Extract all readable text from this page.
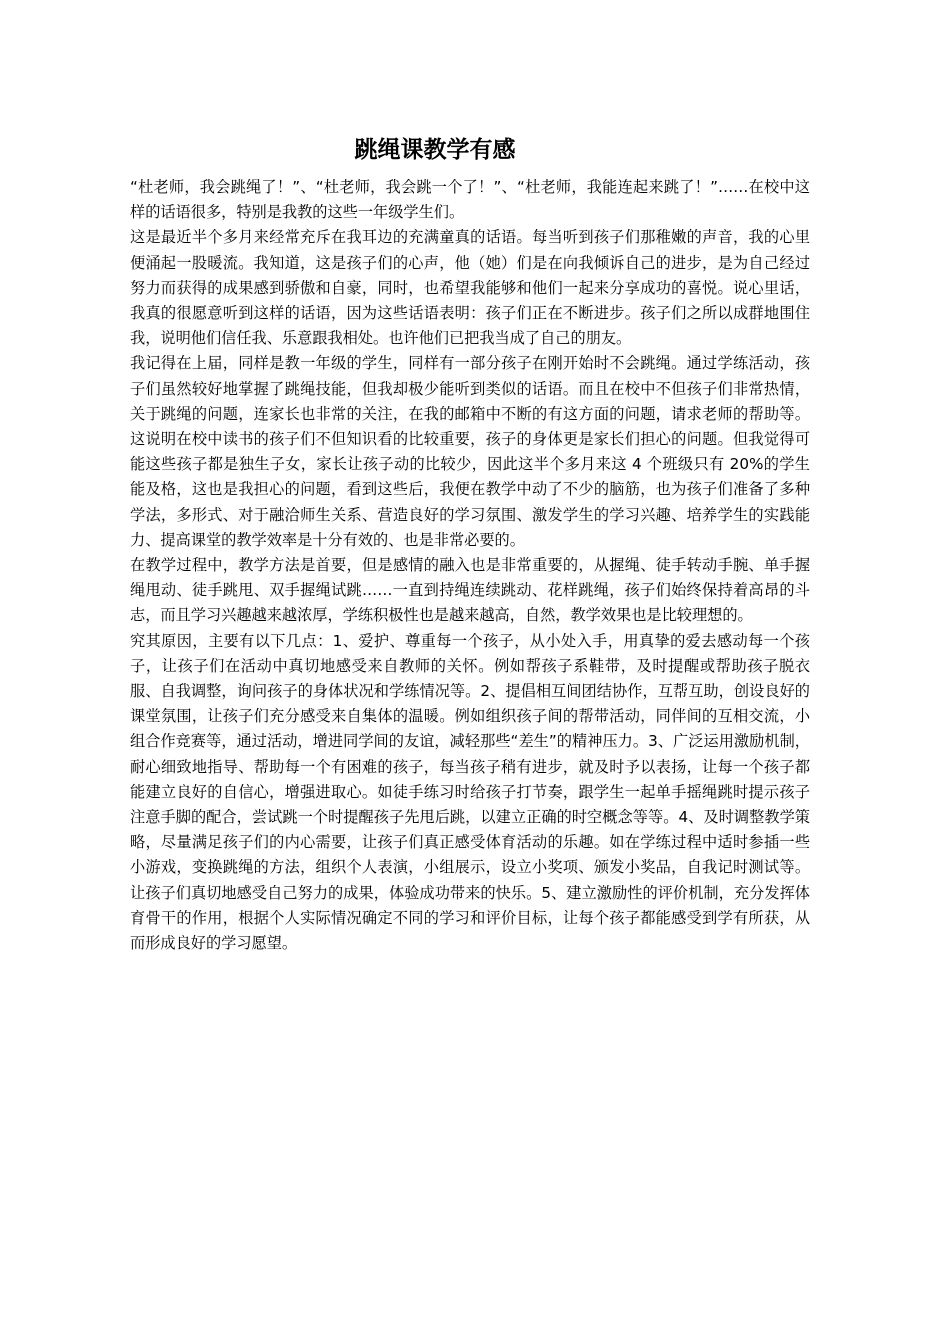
跳绳课教学有感

“杜老师，我会跳绳了！”、“杜老师，我会跳一个了！”、“杜老师，我能连起来跳了！”……在校中这样的话语很多，特别是我教的这些一年级学生们。

这是最近半个多月来经常充斥在我耳边的充满童真的话语。每当听到孩子们那稚嫩的声音，我的心里便涌起一股暖流。我知道，这是孩子们的心声，他（她）们是在向我倾诉自己的进步，是为自己经过努力而获得的成果感到骄傲和自豪，同时，也希望我能够和他们一起来分享成功的喜悦。说心里话，我真的很愿意听到这样的话语，因为这些话语表明：孩子们正在不断进步。孩子们之所以成群地围住我，说明他们信任我、乐意跟我相处。也许他们已把我当成了自己的朋友。

我记得在上届，同样是教一年级的学生，同样有一部分孩子在刚开始时不会跳绳。通过学练活动，孩子们虽然较好地掌握了跳绳技能，但我却极少能听到类似的话语。而且在校中不但孩子们非常热情，关于跳绳的问题，连家长也非常的关注，在我的邮箱中不断的有这方面的问题，请求老师的帮助等。这说明在校中读书的孩子们不但知识看的比较重要，孩子的身体更是家长们担心的问题。但我觉得可能这些孩子都是独生子女，家长让孩子动的比较少，因此这半个多月来这 4 个班级只有 20%的学生能及格，这也是我担心的问题，看到这些后，我便在教学中动了不少的脑筋，也为孩子们准备了多种学法，多形式、对于融洽师生关系、营造良好的学习氛围、激发学生的学习兴趣、培养学生的实践能力、提高课堂的教学效率是十分有效的、也是非常必要的。

在教学过程中，教学方法是首要，但是感情的融入也是非常重要的，从握绳、徒手转动手腕、单手握绳甩动、徒手跳甩、双手握绳试跳……一直到持绳连续跳动、花样跳绳，孩子们始终保持着高昂的斗志，而且学习兴趣越来越浓厚，学练积极性也是越来越高，自然，教学效果也是比较理想的。

究其原因，主要有以下几点：1、爱护、尊重每一个孩子，从小处入手，用真挚的爱去感动每一个孩子，让孩子们在活动中真切地感受来自教师的关怀。例如帮孩子系鞋带，及时提醒或帮助孩子脱衣服、自我调整，询问孩子的身体状况和学练情况等。2、提倡相互间团结协作，互帮互助，创设良好的课堂氛围，让孩子们充分感受来自集体的温暖。例如组织孩子间的帮带活动，同伴间的互相交流，小组合作竞赛等，通过活动，增进同学间的友谊，减轻那些“差生”的精神压力。3、广泛运用激励机制，耐心细致地指导、帮助每一个有困难的孩子，每当孩子稍有进步，就及时予以表扬，让每一个孩子都能建立良好的自信心，增强进取心。如徒手练习时给孩子打节奏，跟学生一起单手摇绳跳时提示孩子注意手脚的配合，尝试跳一个时提醒孩子先甩后跳，以建立正确的时空概念等等。4、及时调整教学策略，尽量满足孩子们的内心需要，让孩子们真正感受体育活动的乐趣。如在学练过程中适时参插一些小游戏，变换跳绳的方法，组织个人表演，小组展示，设立小奖项、颁发小奖品，自我记时测试等。让孩子们真切地感受自己努力的成果，体验成功带来的快乐。5、建立激励性的评价机制，充分发挥体育骨干的作用，根据个人实际情况确定不同的学习和评价目标，让每个孩子都能感受到学有所获，从而形成良好的学习愿望。
